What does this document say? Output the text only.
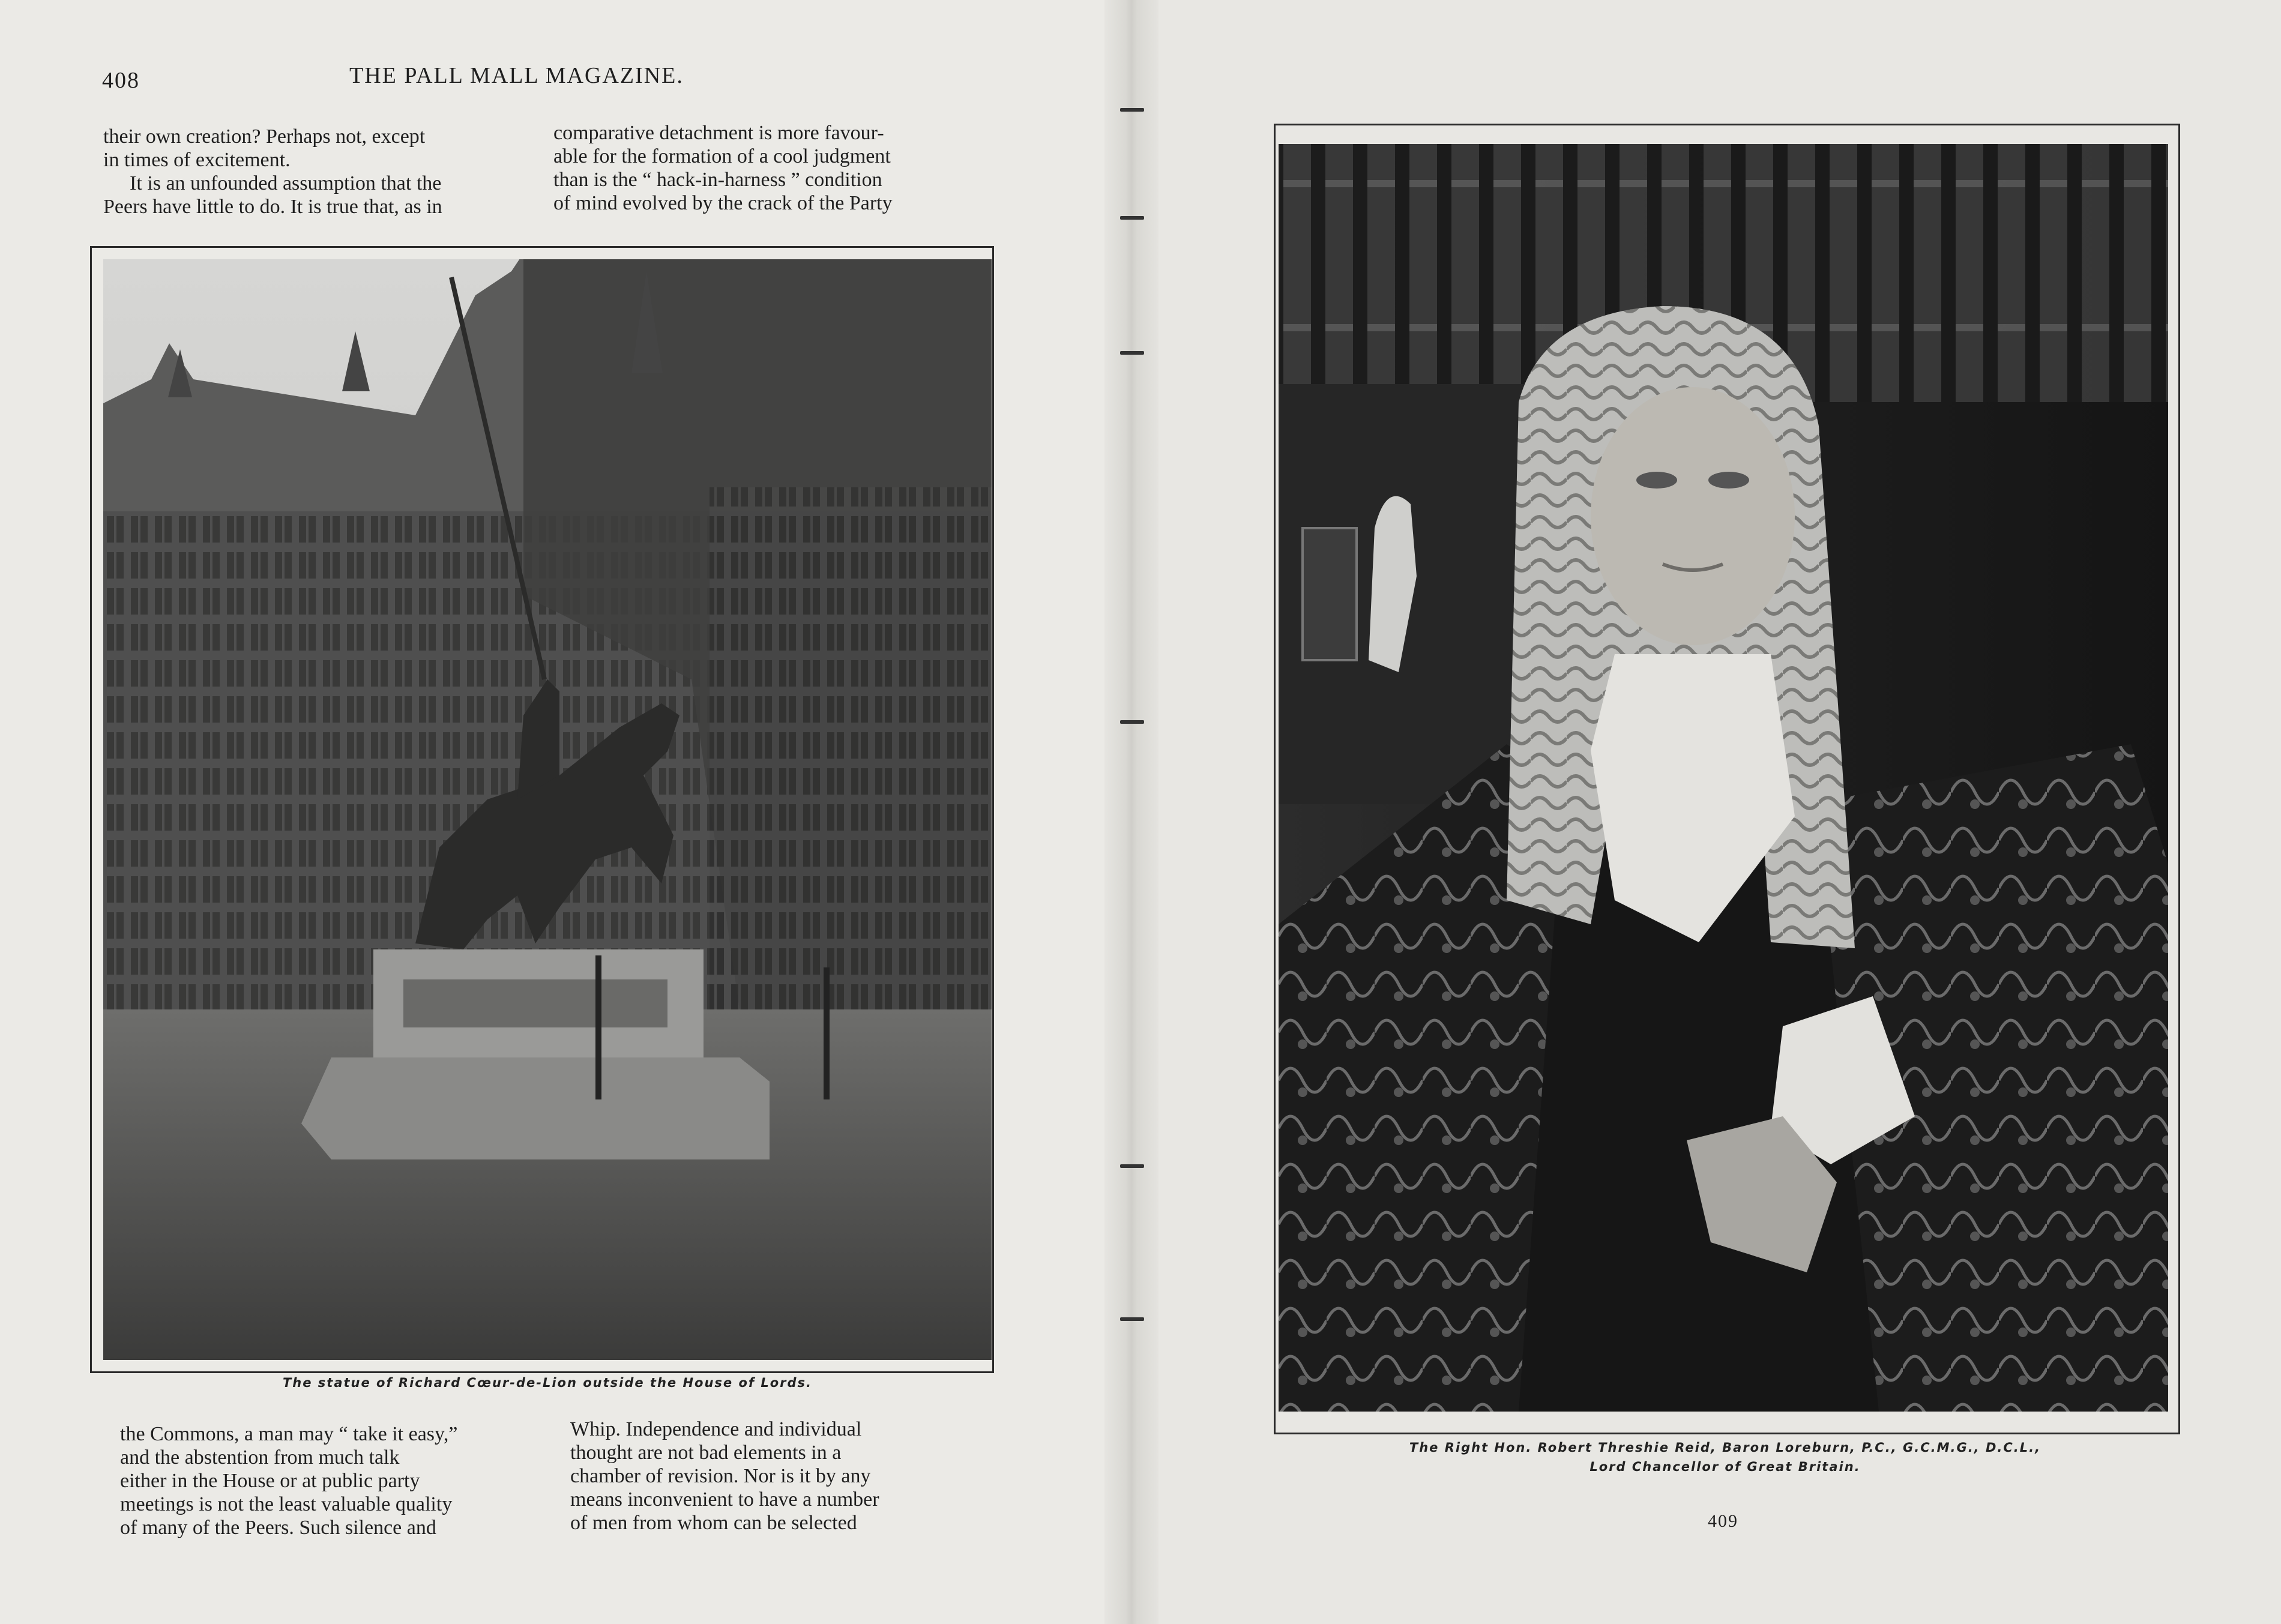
408	THE PALL MALL MAGAZINE.

their own creation? Perhaps not, except

in times of excitement.

It is an unfounded assumption that the

Peers have little to do. It is true that, as in

comparative detachment is more favour-

able for the formation of a cool judgment

than is the “ hack-in-harness ” condition

of mind evolved by the crack of the Party

The statue of Richard Cœur-de-Lion outside the House of Lords.

the Commons, a man may “ take it easy,”

and the abstention from much talk

either in the House or at public party

meetings is not the least valuable quality

of many of the Peers. Such silence and

Whip. Independence and individual

thought are not bad elements in a

chamber of revision. Nor is it by any

means inconvenient to have a number

of men from whom can be selected

The Right Hon. Robert Threshie Reid, Baron Loreburn, P.C., G.C.M.G., D.C.L.,
Lord Chancellor of Great Britain.
409
